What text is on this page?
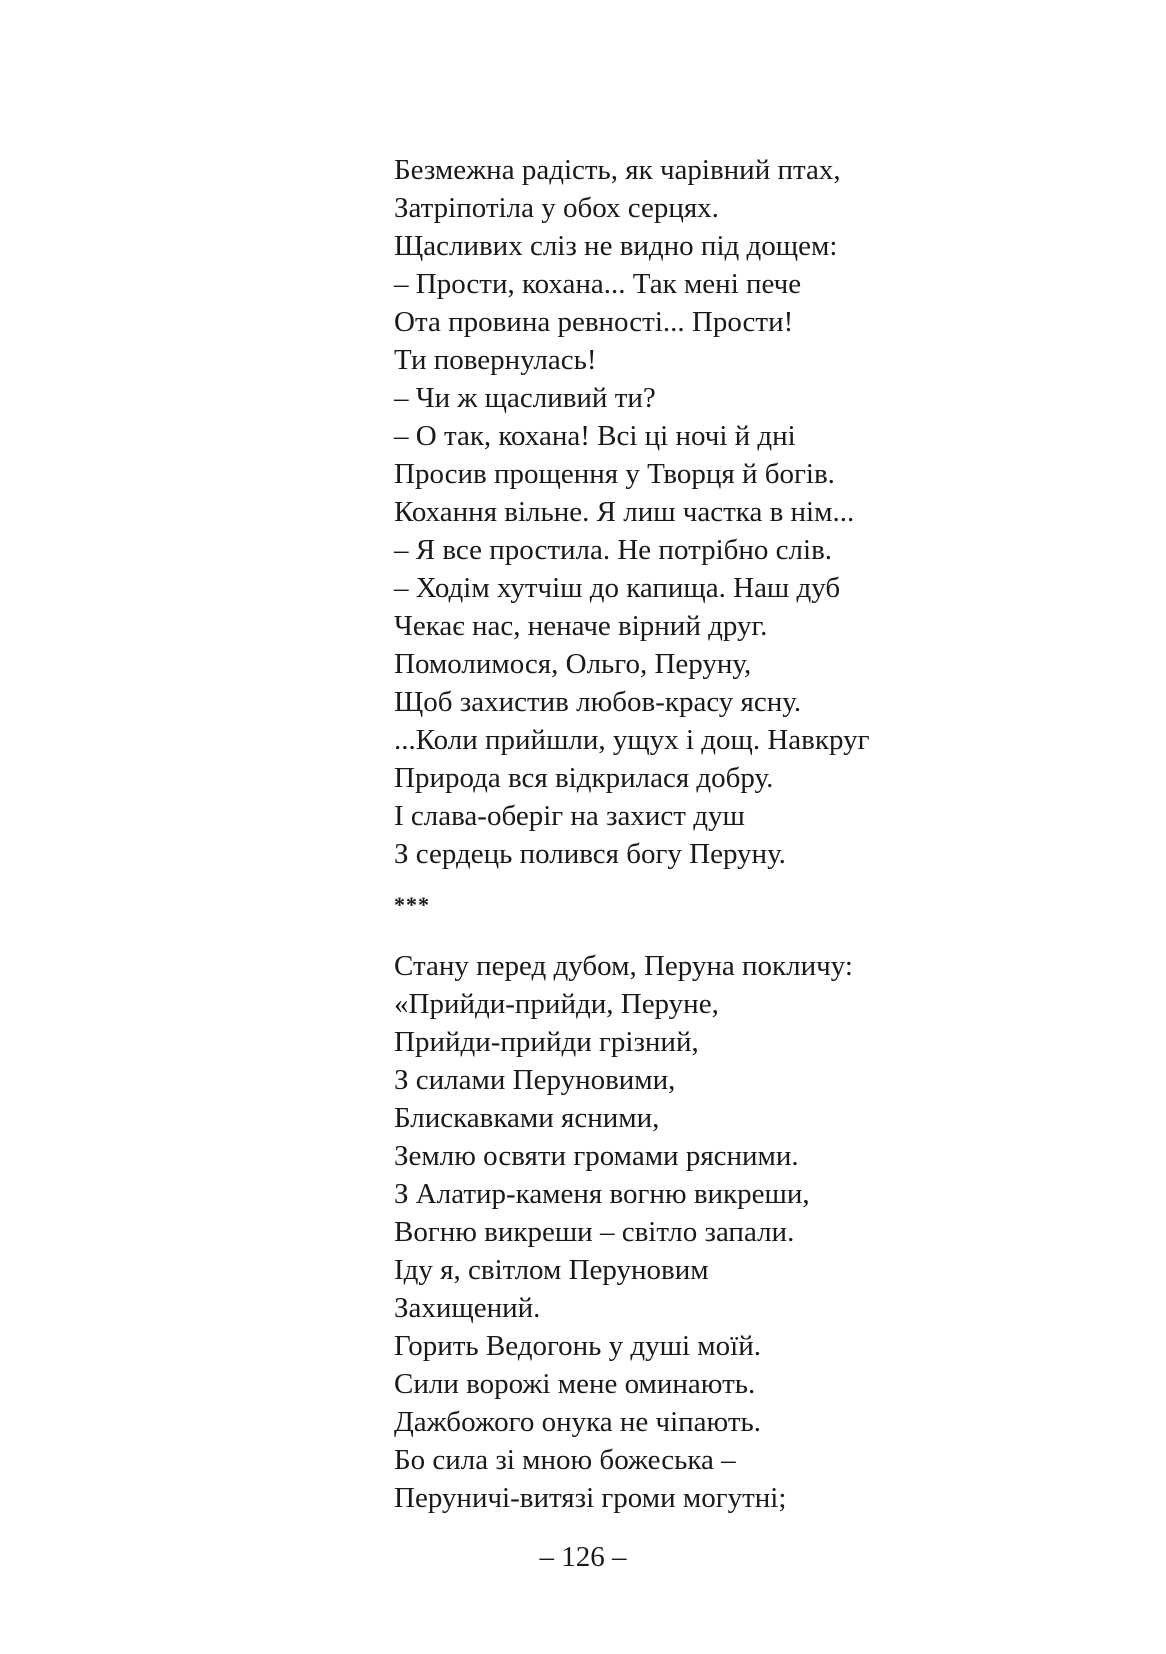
Безмежна радість, як чарівний птах,
Затріпотіла у обох серцях.
Щасливих сліз не видно під дощем:
– Прости, кохана... Так мені пече
Ота провина ревності... Прости!
Ти повернулась!
– Чи ж щасливий ти?
– О так, кохана! Всі ці ночі й дні
Просив прощення у Творця й богів.
Кохання вільне. Я лиш частка в нім...
– Я все простила. Не потрібно слів.
– Ходім хутчіш до капища. Наш дуб
Чекає нас, неначе вірний друг.
Помолимося, Ольго, Перуну,
Щоб захистив любов-красу ясну.
...Коли прийшли, ущух і дощ. Навкруг
Природа вся відкрилася добру.
І слава-оберіг на захист душ
З сердець полився богу Перуну.
***
Стану перед дубом, Перуна покличу:
«Прийди-прийди, Перуне,
Прийди-прийди грізний,
З силами Перуновими,
Блискавками ясними,
Землю освяти громами рясними.
З Алатир-каменя вогню викреши,
Вогню викреши – світло запали.
Іду я, світлом Перуновим
Захищений.
Горить Ведогонь у душі моїй.
Сили ворожі мене оминають.
Дажбожого онука не чіпають.
Бо сила зі мною божеська –
Перуничі-витязі громи могутні;
– 126 –
